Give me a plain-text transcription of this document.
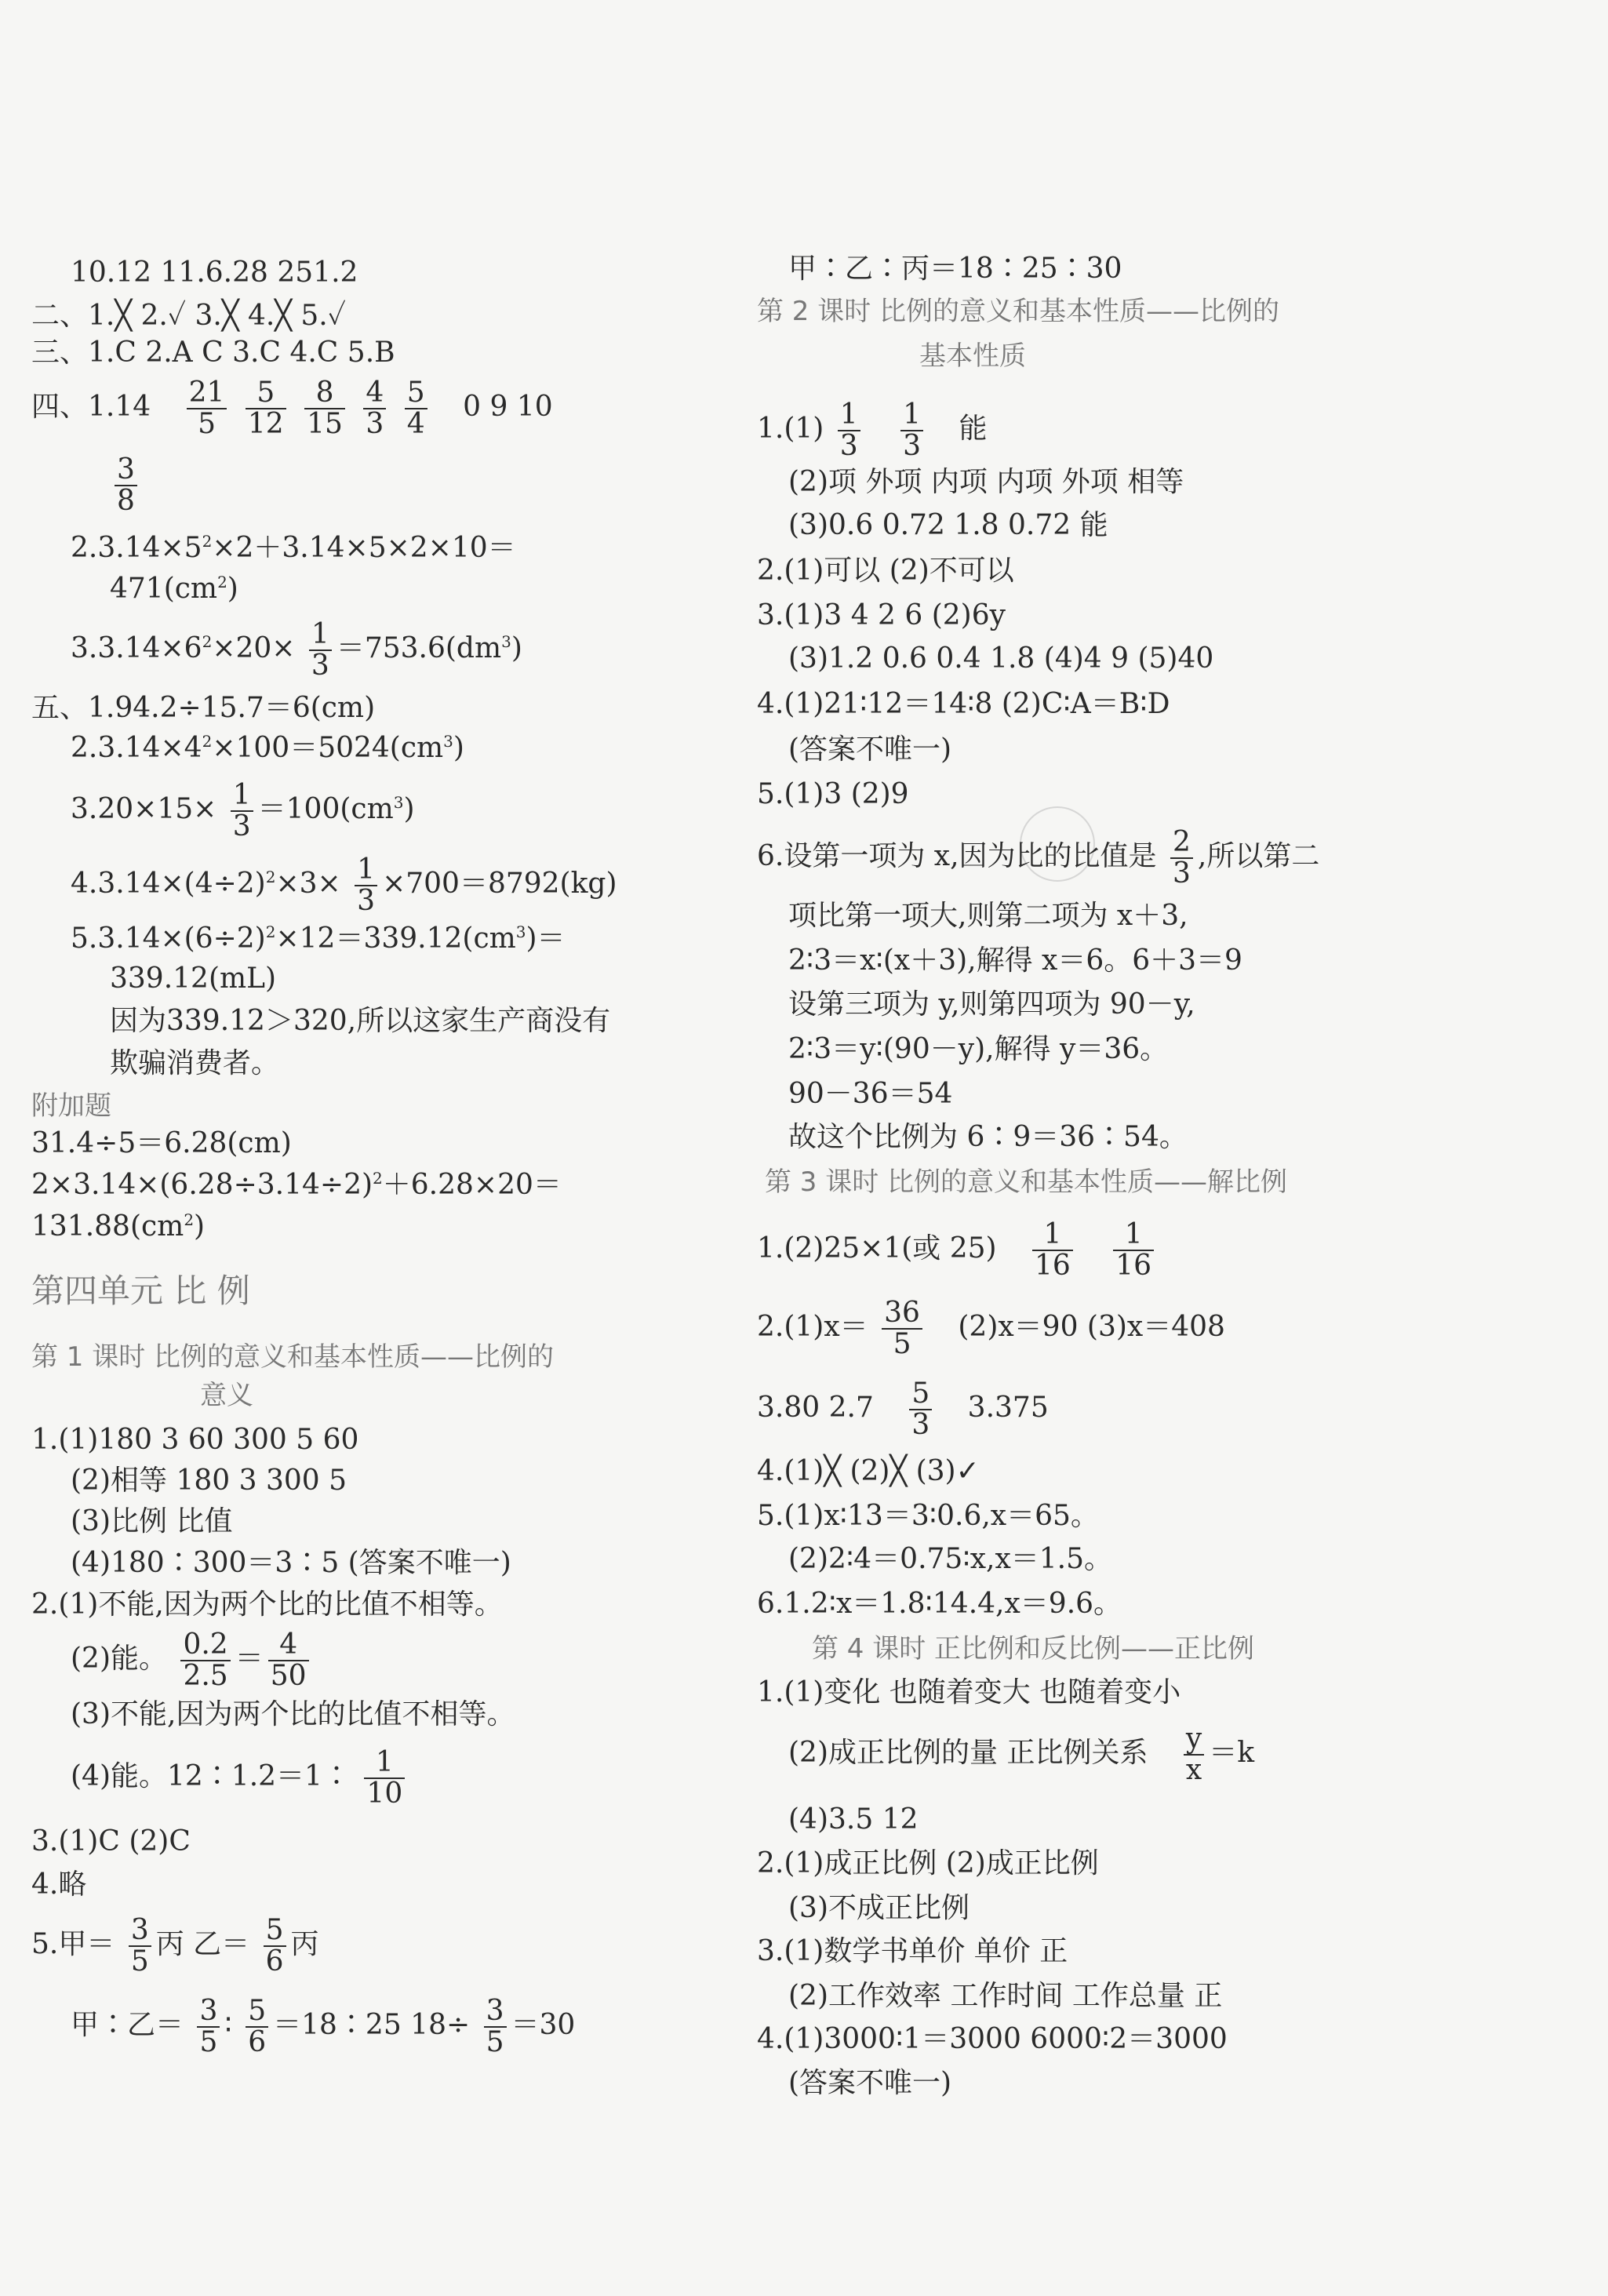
10.12 11.6.28 251.2
二、1.╳ 2.✓ 3.╳ 4.╳ 5.✓
三、1.C 2.A C 3.C 4.C 5.B
四、$1.14 \frac{21}{5}$
$\frac{5}{12}$
$\frac{8}{15}$
$\frac{4}{3}$
$\frac{5}{4} 0$ 9 10
$\frac{3}{8}$
$2.3.14\times 5^2\times 2+3.14\times 5\times 2\times 10=$
$471(cm^2)$
$3.3.14\times 6^2\times 20\times \frac{1}{3} =753.6(dm^3)$
五、1.94.2÷15.7＝6(cm)
$2.3.14\times 4^2\times 100=5024(cm^3)$
$3.20\times 15\times \frac{1}{3} =100(cm^3)$
$4.3.14\times(4\div 2)^2\times 3\times \frac{1}{3} \times 700=8792(kg)$
$5.3.14\times(6\div 2)^2\times 12=339.12(cm^3)=$
339.12(mL)
因为339.12＞320,所以这家生产商没有
欺骗消费者。
附加题
31.4÷5＝6.28(cm)
$2\times 3.14\times(6.28\div 3.14\div 2)^2+6.28\times 20=$
$131.88(cm^2)$
第四单元 比 例
第 1 课时 比例的意义和基本性质——比例的
意义
1.(1)180 3 60 300 5 60
(2)相等 180 3 300 5
(3)比例 比值
(4)180∶300＝3∶5 (答案不唯一)
2.(1)不能,因为两个比的比值不相等。
(2)能。 $\frac{0.2}{2.5} = \frac{4}{50}$
(3)不能,因为两个比的比值不相等。
(4)能。12∶1.2＝1∶ $\frac{1}{10}$
3.(1)C (2)C
4.略
5.甲＝ $\frac{3}{5}$ 丙 乙＝ $\frac{5}{6}$ 丙
甲∶乙＝ $\frac{3}{5}$ ∶ $\frac{5}{6}$ ＝18∶25 $18\div \frac{3}{5} =30$
甲∶乙∶丙＝18∶25∶30
第 2 课时 比例的意义和基本性质——比例的
基本性质
$1.(1) \frac{1}{3}$
$\frac{1}{3}$ 能
(2)项 外项 内项 内项 外项 相等
(3)0.6 0.72 1.8 0.72 能
2.(1)可以 (2)不可以
3.(1)3 4 2 6 (2)6y
(3)1.2 0.6 0.4 1.8 (4)4 9 (5)40
4.(1)21∶12＝14∶8 (2)C∶A＝B∶D
(答案不唯一)
5.(1)3 (2)9
6.设第一项为 x,因为比的比值是 $\frac{2}{3}$ ,所以第二
项比第一项大,则第二项为 x＋3,
2∶3＝x∶(x＋3),解得 x＝6。6＋3＝9
设第三项为 y,则第四项为 90－y,
2∶3＝y∶(90－y),解得 y＝36。
90－36＝54
故这个比例为 6∶9＝36∶54。
第 3 课时 比例的意义和基本性质——解比例
1.(2)25×1(或 $25) \frac{1}{16}$
$\frac{1}{16}$
$2.(1)x= \frac{36}{5} (2)x=90$ (3)x＝408
3.80 $2.7 \frac{5}{3} 3.375$
4.(1)╳ (2)╳ (3)✓
5.(1)x∶13＝3∶0.6,x＝65。
(2)2∶4＝0.75∶x,x＝1.5。
6.1.2∶x＝1.8∶14.4,x＝9.6。
第 4 课时 正比例和反比例——正比例
1.(1)变化 也随着变大 也随着变小
(2)成正比例的量 正比例关系 $\frac{y}{x} =k$
(4)3.5 12
2.(1)成正比例 (2)成正比例
(3)不成正比例
3.(1)数学书单价 单价 正
(2)工作效率 工作时间 工作总量 正
4.(1)3000∶1＝3000 6000∶2＝3000
(答案不唯一)
